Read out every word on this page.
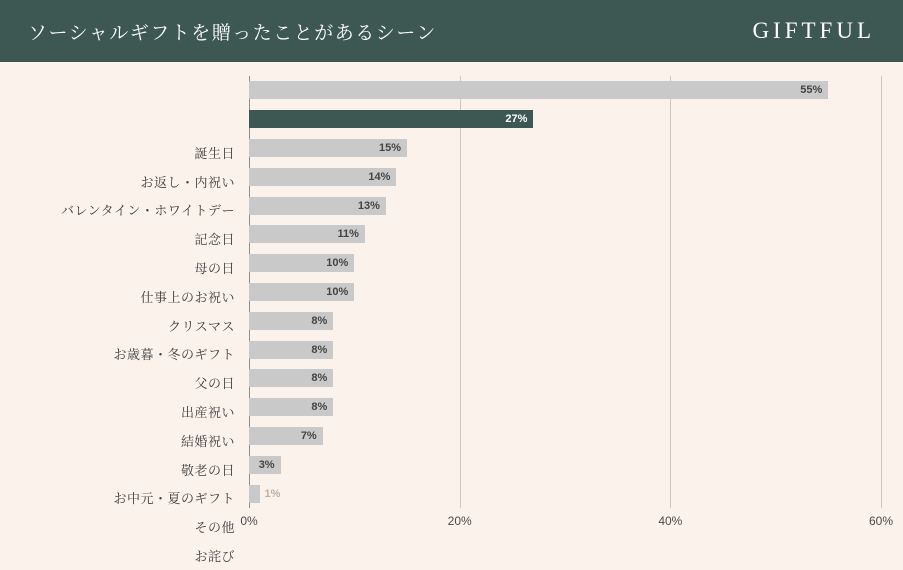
ソーシャルギフトを贈ったことがあるシーン	GIFTFUL
誕生日
お返し・内祝い
バレンタイン・ホワイトデー
記念日
母の日
仕事上のお祝い
クリスマス
お歳暮・冬のギフト
父の日
出産祝い
結婚祝い
敬老の日
お中元・夏のギフト
その他
お詫び
55%
27%
15%
14%
13%
11%
10%
10%
8%
8%
8%
8%
7%
3%
1%
0%	20%	40%	60%
